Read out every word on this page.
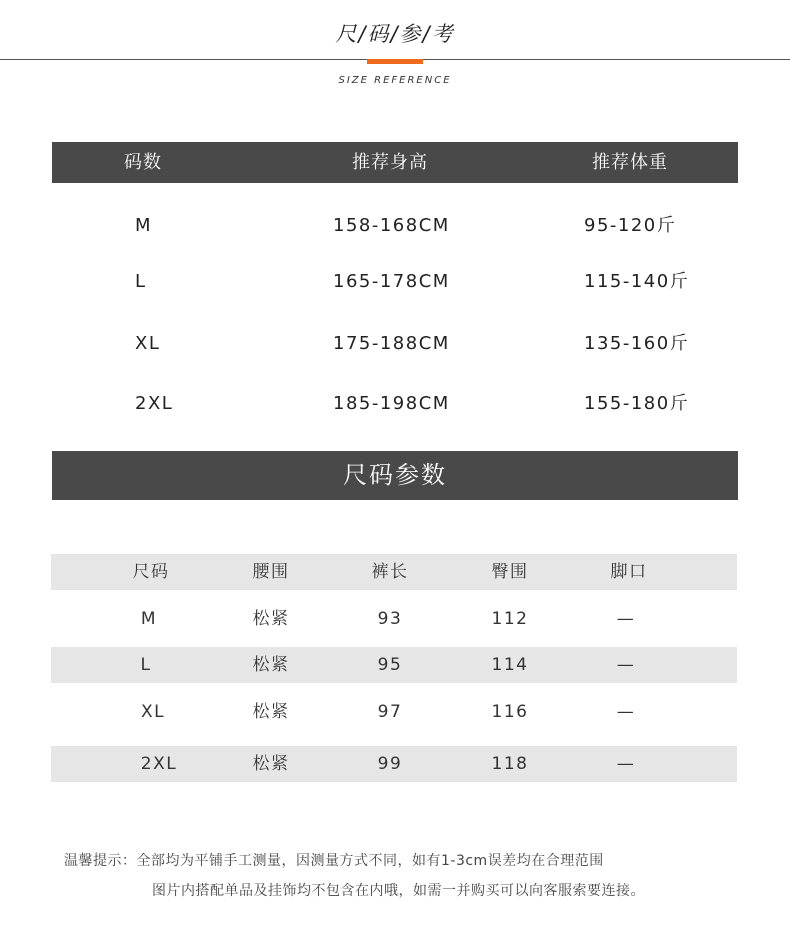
尺/码/参/考
SIZE REFERENCE
码数	推荐身高	推荐体重
M	158-168CM	95-120斤
L	165-178CM	115-140斤
XL	175-188CM	135-160斤
2XL	185-198CM	155-180斤
尺码参数
尺码	腰围	裤长	臀围	脚口
M	松紧	93	112	—
L	松紧	95	114	—
XL	松紧	97	116	—
2XL	松紧	99	118	—
温馨提示：全部均为平铺手工测量，因测量方式不同，如有1-3cm误差均在合理范围
图片内搭配单品及挂饰均不包含在内哦，如需一并购买可以向客服索要连接。
